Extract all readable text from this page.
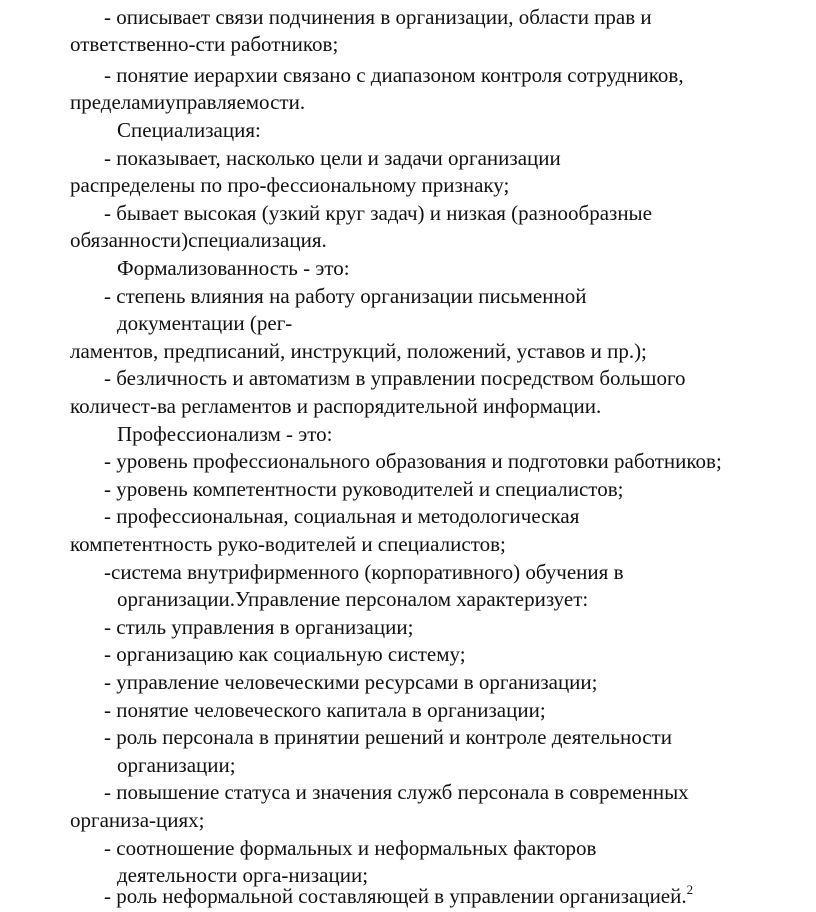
- описывает связи подчинения в организации, области прав и

ответственно-сти работников;

- понятие иерархии связано с диапазоном контроля сотрудников,

пределамиуправляемости.

Специализация:

- показывает, насколько цели и задачи организации

распределены по про-фессиональному признаку;

- бывает высокая (узкий круг задач) и низкая (разнообразные

обязанности)специализация.

Формализованность - это:

- степень влияния на работу организации письменной

документации (рег-

ламентов, предписаний, инструкций, положений, уставов и пр.);

- безличность и автоматизм в управлении посредством большого

количест-ва регламентов и распорядительной информации.

Профессионализм - это:

- уровень профессионального образования и подготовки работников;

- уровень компетентности руководителей и специалистов;

- профессиональная, социальная и методологическая

компетентность руко-водителей и специалистов;

-система внутрифирменного (корпоративного) обучения в

организации.Управление персоналом характеризует:

- стиль управления в организации;

- организацию как социальную систему;

- управление человеческими ресурсами в организации;

- понятие человеческого капитала в организации;

- роль персонала в принятии решений и контроле деятельности

организации;

- повышение статуса и значения служб персонала в современных

организа-циях;

- соотношение формальных и неформальных факторов

деятельности орга-низации;

- роль неформальной составляющей в управлении организацией.$^2$
